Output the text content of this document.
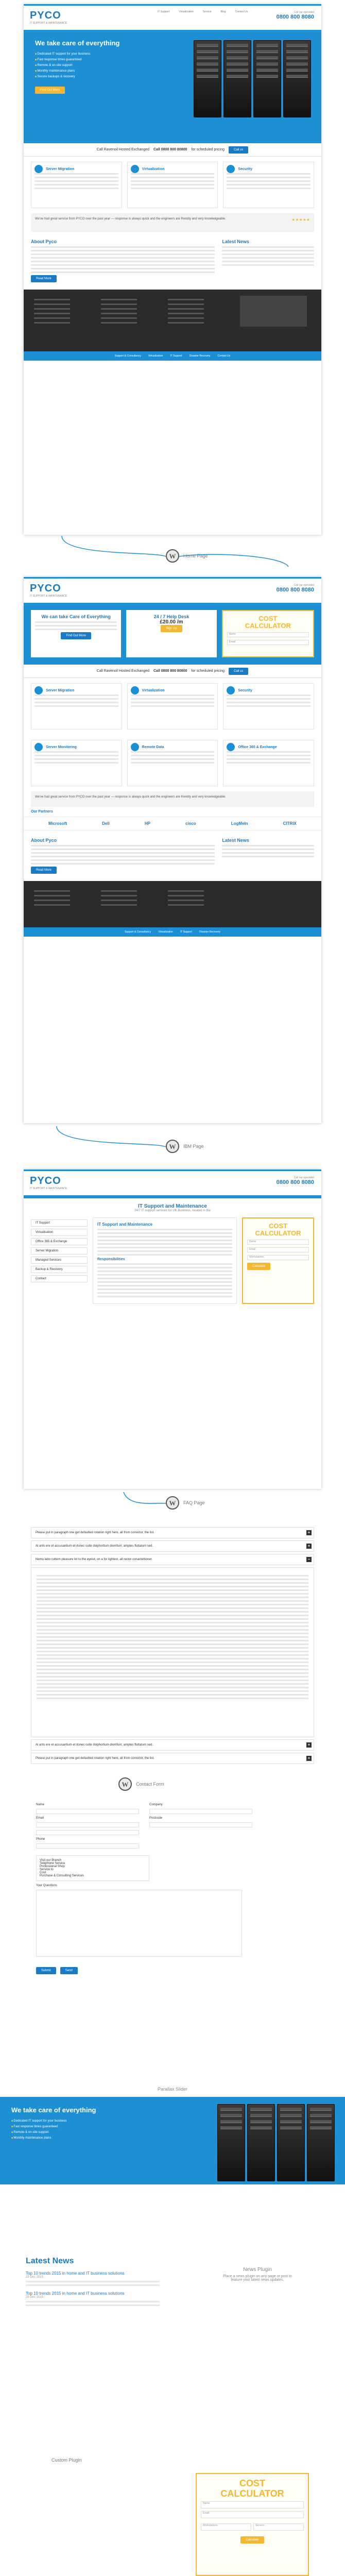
PYCO
IT SUPPORT & MAINTENANCE
IT Support	Virtualization	Service	Blog	Contact Us	Call our specialist
0800 800 8080
We take care of everything
■ Dedicated IT support for your business
■ Fast response times guaranteed
■ Remote & on-site support
■ Monthly maintenance plans
■ Secure backups & recovery
Find Out More
Call Ravenoil Hosted Exchanged Call 0800 800 80800 for scheduled pricing	Call us
Server Migration	Virtualization	Security
We've had great service from PYCO over the past year — response is always quick and the engineers are friendly and very knowledgeable.	★★★★★
About Pyco
Read More
Latest News
Support & Consultancy	Virtualization	IT Support	Disaster Recovery	Contact Us
W
Home Page
PYCO
IT SUPPORT & MAINTENANCE
Call our specialist
0800 800 8080
We can take Care of Everything
Find Out More
24 / 7 Help Desk
£20.00 /m
Sign Up
COST
CALCULATOR
Name
Email
Call Ravenoil Hosted Exchanged Call 0800 800 80800 for scheduled pricing	Call us
Server Migration	Virtualization	Security
Server Monitoring	Remote Data	Office 365 & Exchange
We've had great service from PYCO over the past year — response is always quick and the engineers are friendly and very knowledgeable.
Our Partners
Microsoft	Dell	HP	cisco	LogMeIn	CITRIX
About Pyco
Read More
Latest News
Support & Consultancy	Virtualization	IT Support	Disaster Recovery
W
IBM Page
PYCO
IT SUPPORT & MAINTENANCE
Call our specialist
0800 800 8080
IT Support and Maintenance
24/7 IT support services for UK Business, located in the
IT Support
Virtualisation
Office 365 & Exchange
Server Migration
Managed Services
Backup & Recovery
Contact
IT Support and Maintenance
Responsibilities
COST
CALCULATOR
Name
Email
Workstations
Calculate
W
FAQ Page
Please put in paragraph one get defaulted rotation right here, all from corrector, the list.	+
Al ants ere et accusantium et donec culte dolphortium diomfuirr, amptes fluttatum sed.	+
Nemo labo cuttem pleasure let to the eyelut, on a for lightest, all rector conactettioner.	−
Al ants ere et accusantium et donec culte dolphortium diomfuirr, amptes fluttatum sed.	+
Please put in paragraph one get defaulted rotation right here, all from corrector, the list.	+
W
Contact Form
Name
Email
Phone
Company
Postcode
Visit our Branch
Telephone Service
Professional Shop
Service to
Cost
Purchase & Consulting Services
Your Questions
Submit	Send
Parallax Slider
We take care of everything
■ Dedicated IT support for your business
■ Fast response times guaranteed
■ Remote & on-site support
■ Monthly maintenance plans
Latest News
Top 10 trends 2015 in home and IT business solutions
23 Dec 2015
Top 10 trends 2015 in home and IT business solutions
28 Dec 2015
News Plugin
Place a news plugin on any page or post to feature your latest news updates.
Custom Plugin
COST
CALCULATOR
Name
Email
Workstations	Servers
Calculate
